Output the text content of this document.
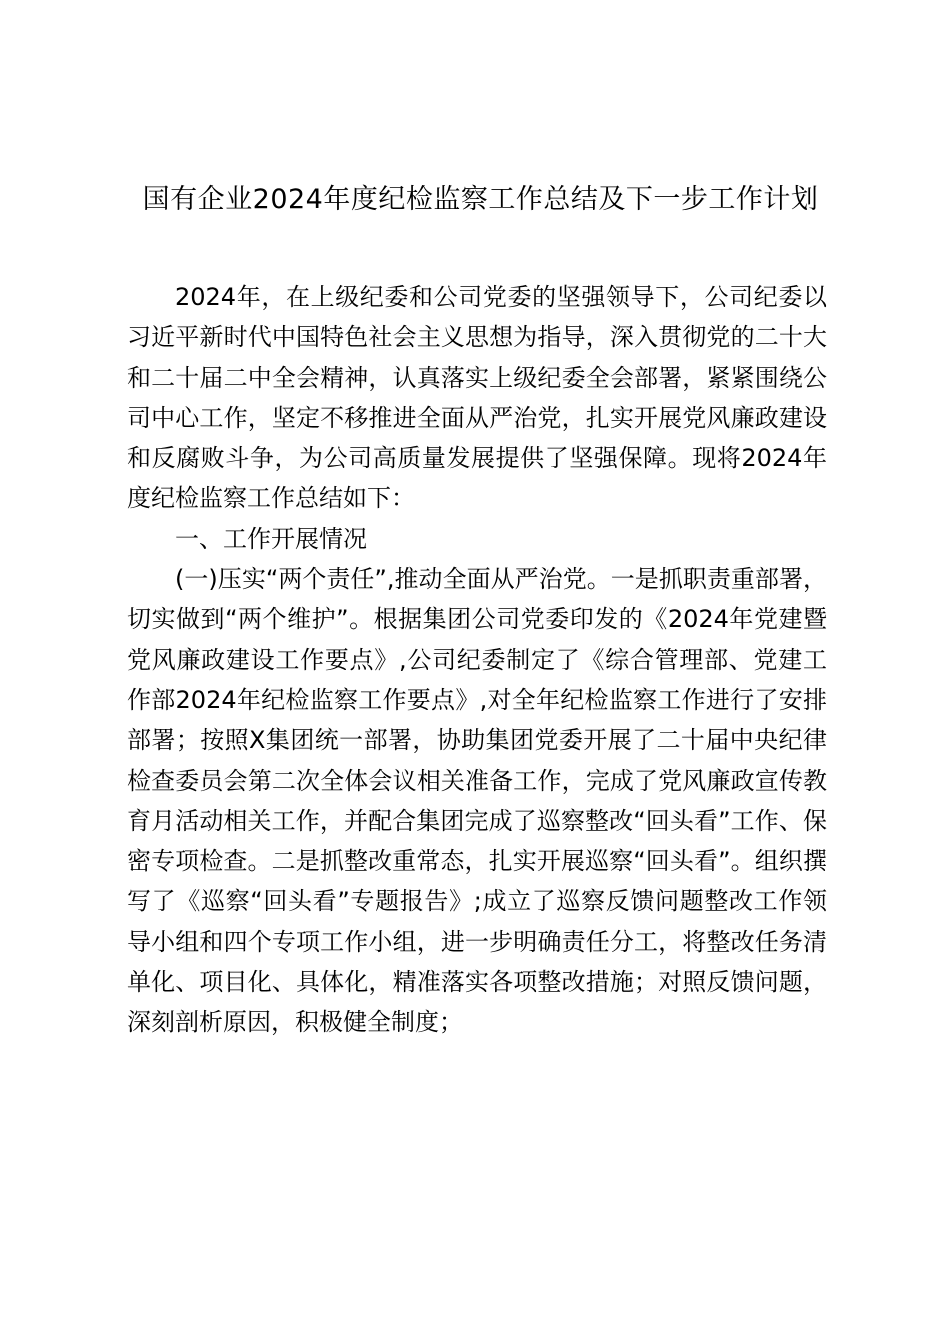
国有企业2024年度纪检监察工作总结及下一步工作计划

2024年，在上级纪委和公司党委的坚强领导下，公司纪委以习近平新时代中国特色社会主义思想为指导，深入贯彻党的二十大和二十届二中全会精神，认真落实上级纪委全会部署，紧紧围绕公司中心工作，坚定不移推进全面从严治党，扎实开展党风廉政建设和反腐败斗争，为公司高质量发展提供了坚强保障。现将2024年度纪检监察工作总结如下：

一、工作开展情况

(一)压实“两个责任”,推动全面从严治党。一是抓职责重部署，切实做到“两个维护”。根据集团公司党委印发的《2024年党建暨党风廉政建设工作要点》,公司纪委制定了《综合管理部、党建工作部2024年纪检监察工作要点》,对全年纪检监察工作进行了安排部署；按照X集团统一部署，协助集团党委开展了二十届中央纪律检查委员会第二次全体会议相关准备工作，完成了党风廉政宣传教育月活动相关工作，并配合集团完成了巡察整改“回头看”工作、保密专项检查。二是抓整改重常态，扎实开展巡察“回头看”。组织撰写了《巡察“回头看”专题报告》;成立了巡察反馈问题整改工作领导小组和四个专项工作小组，进一步明确责任分工，将整改任务清单化、项目化、具体化，精准落实各项整改措施；对照反馈问题，深刻剖析原因，积极健全制度；
